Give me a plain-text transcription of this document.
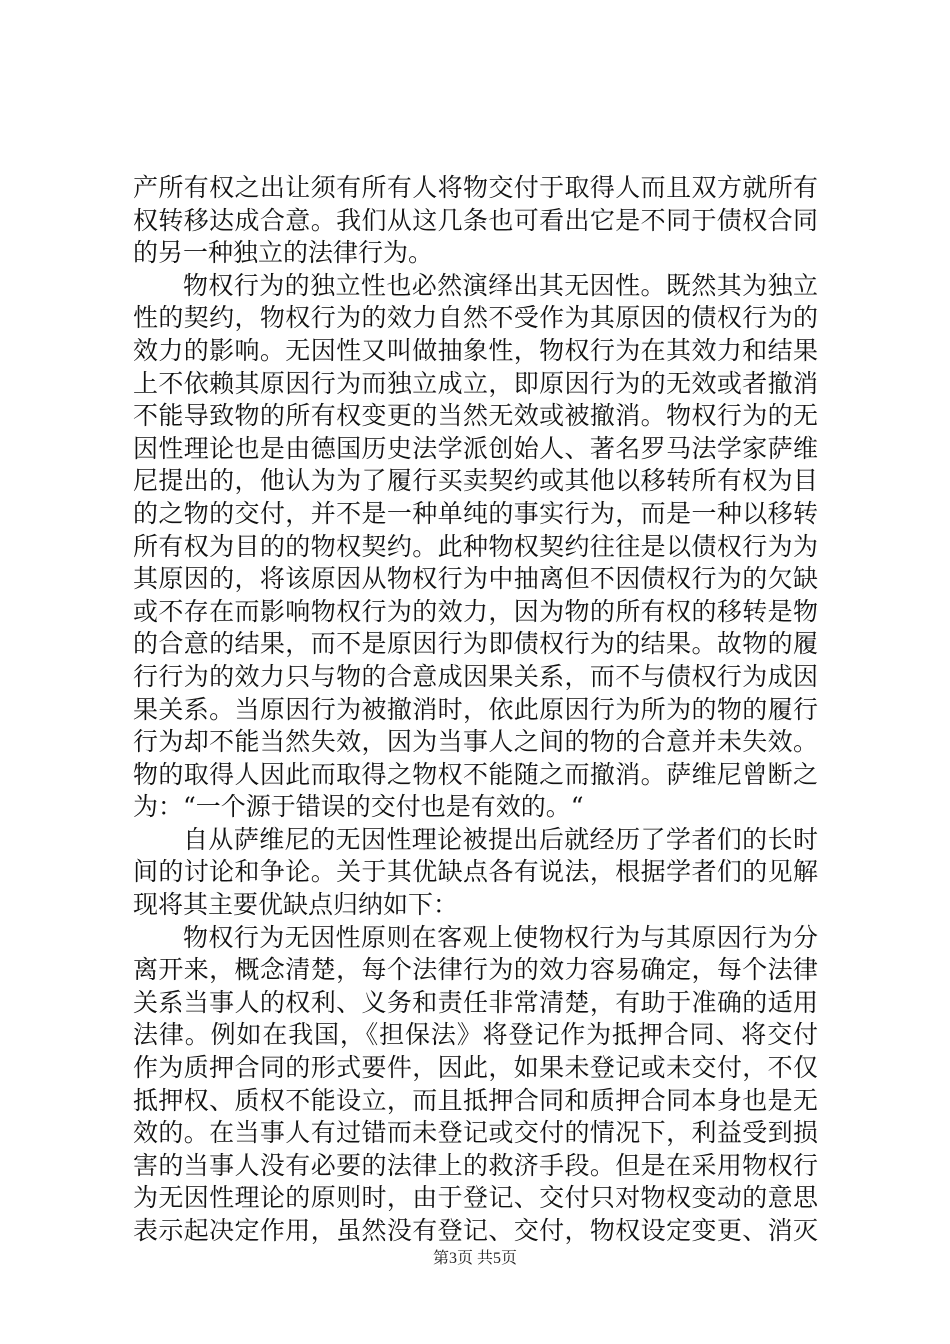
产所有权之出让须有所有人将物交付于取得人而且双方就所有
权转移达成合意。我们从这几条也可看出它是不同于债权合同
的另一种独立的法律行为。
物权行为的独立性也必然演绎出其无因性。既然其为独立
性的契约，物权行为的效力自然不受作为其原因的债权行为的
效力的影响。无因性又叫做抽象性，物权行为在其效力和结果
上不依赖其原因行为而独立成立，即原因行为的无效或者撤消
不能导致物的所有权变更的当然无效或被撤消。物权行为的无
因性理论也是由德国历史法学派创始人、著名罗马法学家萨维
尼提出的，他认为为了履行买卖契约或其他以移转所有权为目
的之物的交付，并不是一种单纯的事实行为，而是一种以移转
所有权为目的的物权契约。此种物权契约往往是以债权行为为
其原因的，将该原因从物权行为中抽离但不因债权行为的欠缺
或不存在而影响物权行为的效力，因为物的所有权的移转是物
的合意的结果，而不是原因行为即债权行为的结果。故物的履
行行为的效力只与物的合意成因果关系，而不与债权行为成因
果关系。当原因行为被撤消时，依此原因行为所为的物的履行
行为却不能当然失效，因为当事人之间的物的合意并未失效。
物的取得人因此而取得之物权不能随之而撤消。萨维尼曾断之
为：“一个源于错误的交付也是有效的。“
自从萨维尼的无因性理论被提出后就经历了学者们的长时
间的讨论和争论。关于其优缺点各有说法，根据学者们的见解
现将其主要优缺点归纳如下：
物权行为无因性原则在客观上使物权行为与其原因行为分
离开来，概念清楚，每个法律行为的效力容易确定，每个法律
关系当事人的权利、义务和责任非常清楚，有助于准确的适用
法律。例如在我国，《担保法》将登记作为抵押合同、将交付
作为质押合同的形式要件，因此，如果未登记或未交付，不仅
抵押权、质权不能设立，而且抵押合同和质押合同本身也是无
效的。在当事人有过错而未登记或交付的情况下，利益受到损
害的当事人没有必要的法律上的救济手段。但是在采用物权行
为无因性理论的原则时，由于登记、交付只对物权变动的意思
表示起决定作用，虽然没有登记、交付，物权设定变更、消灭
第3页 共5页
